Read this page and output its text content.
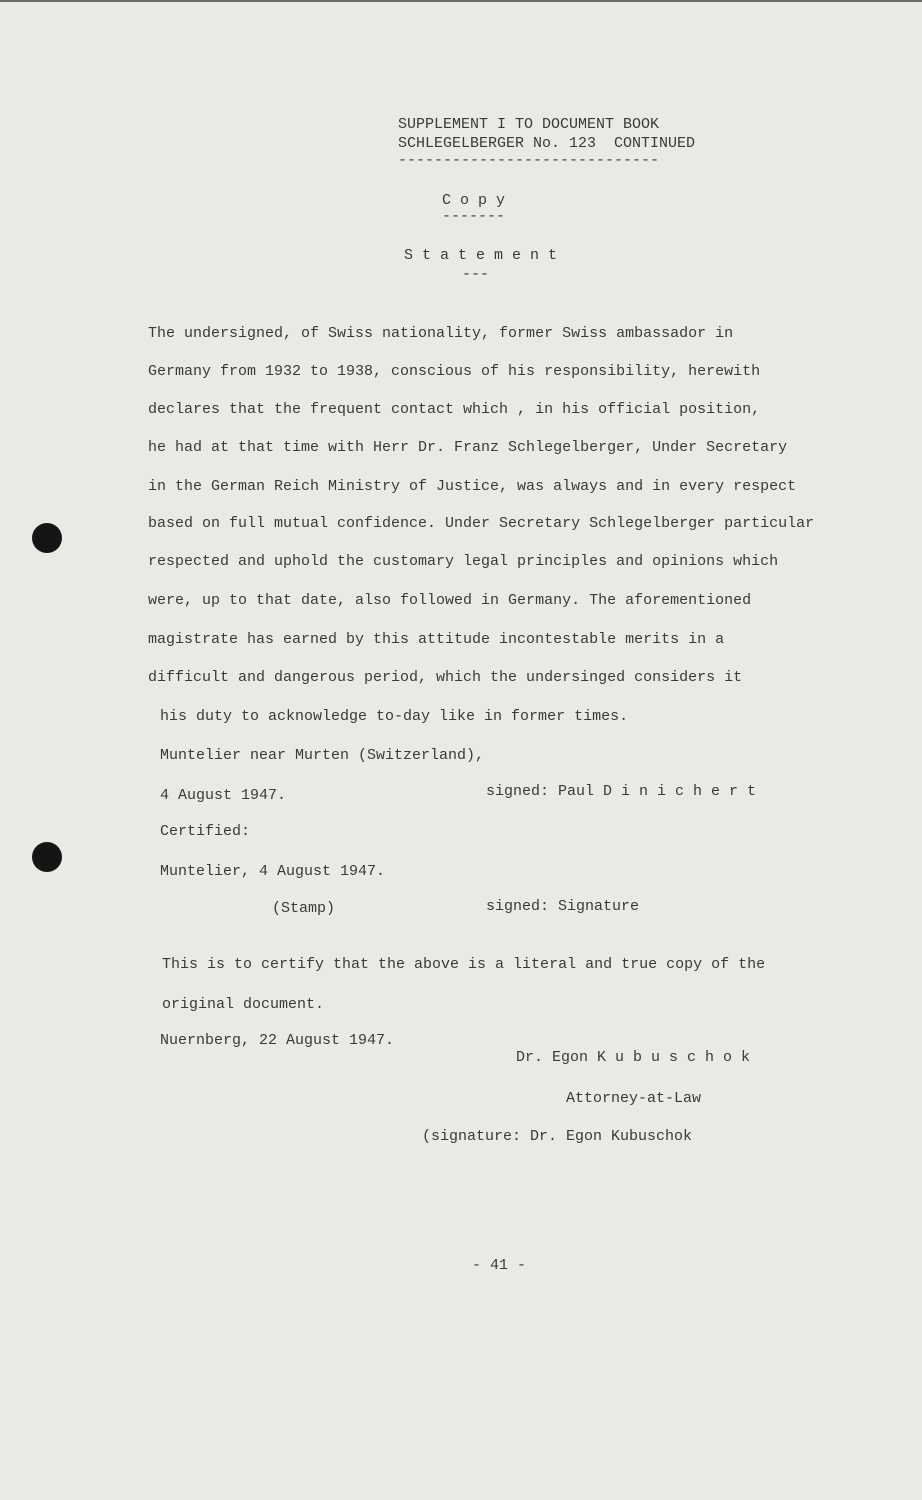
SUPPLEMENT I TO DOCUMENT BOOK
SCHLEGELBERGER No. 123  CONTINUED
-----------------------------
C o p y
-------
S t a t e m e n t
---
The undersigned, of Swiss nationality, former Swiss ambassador in
Germany from 1932 to 1938, conscious of his responsibility, herewith
declares that the frequent contact which , in his official position,
he had at that time with Herr Dr. Franz Schlegelberger, Under Secretary
in the German Reich Ministry of Justice, was always and in every respect
based on full mutual confidence. Under Secretary Schlegelberger particular
respected and uphold the customary legal principles and opinions which
were, up to that date, also followed in Germany. The aforementioned
magistrate has earned by this attitude incontestable merits in a
difficult and dangerous period, which the undersinged considers it
his duty to acknowledge to-day like in former times.
Muntelier near Murten (Switzerland),
4 August 1947.	signed: Paul D i n i c h e r t
Certified:
Muntelier, 4 August 1947.
(Stamp)	signed: Signature
This is to certify that the above is a literal and true copy of the
original document.
Nuernberg, 22 August 1947.
Dr. Egon K u b u s c h o k
Attorney-at-Law
(signature: Dr. Egon Kubuschok
- 41 -
